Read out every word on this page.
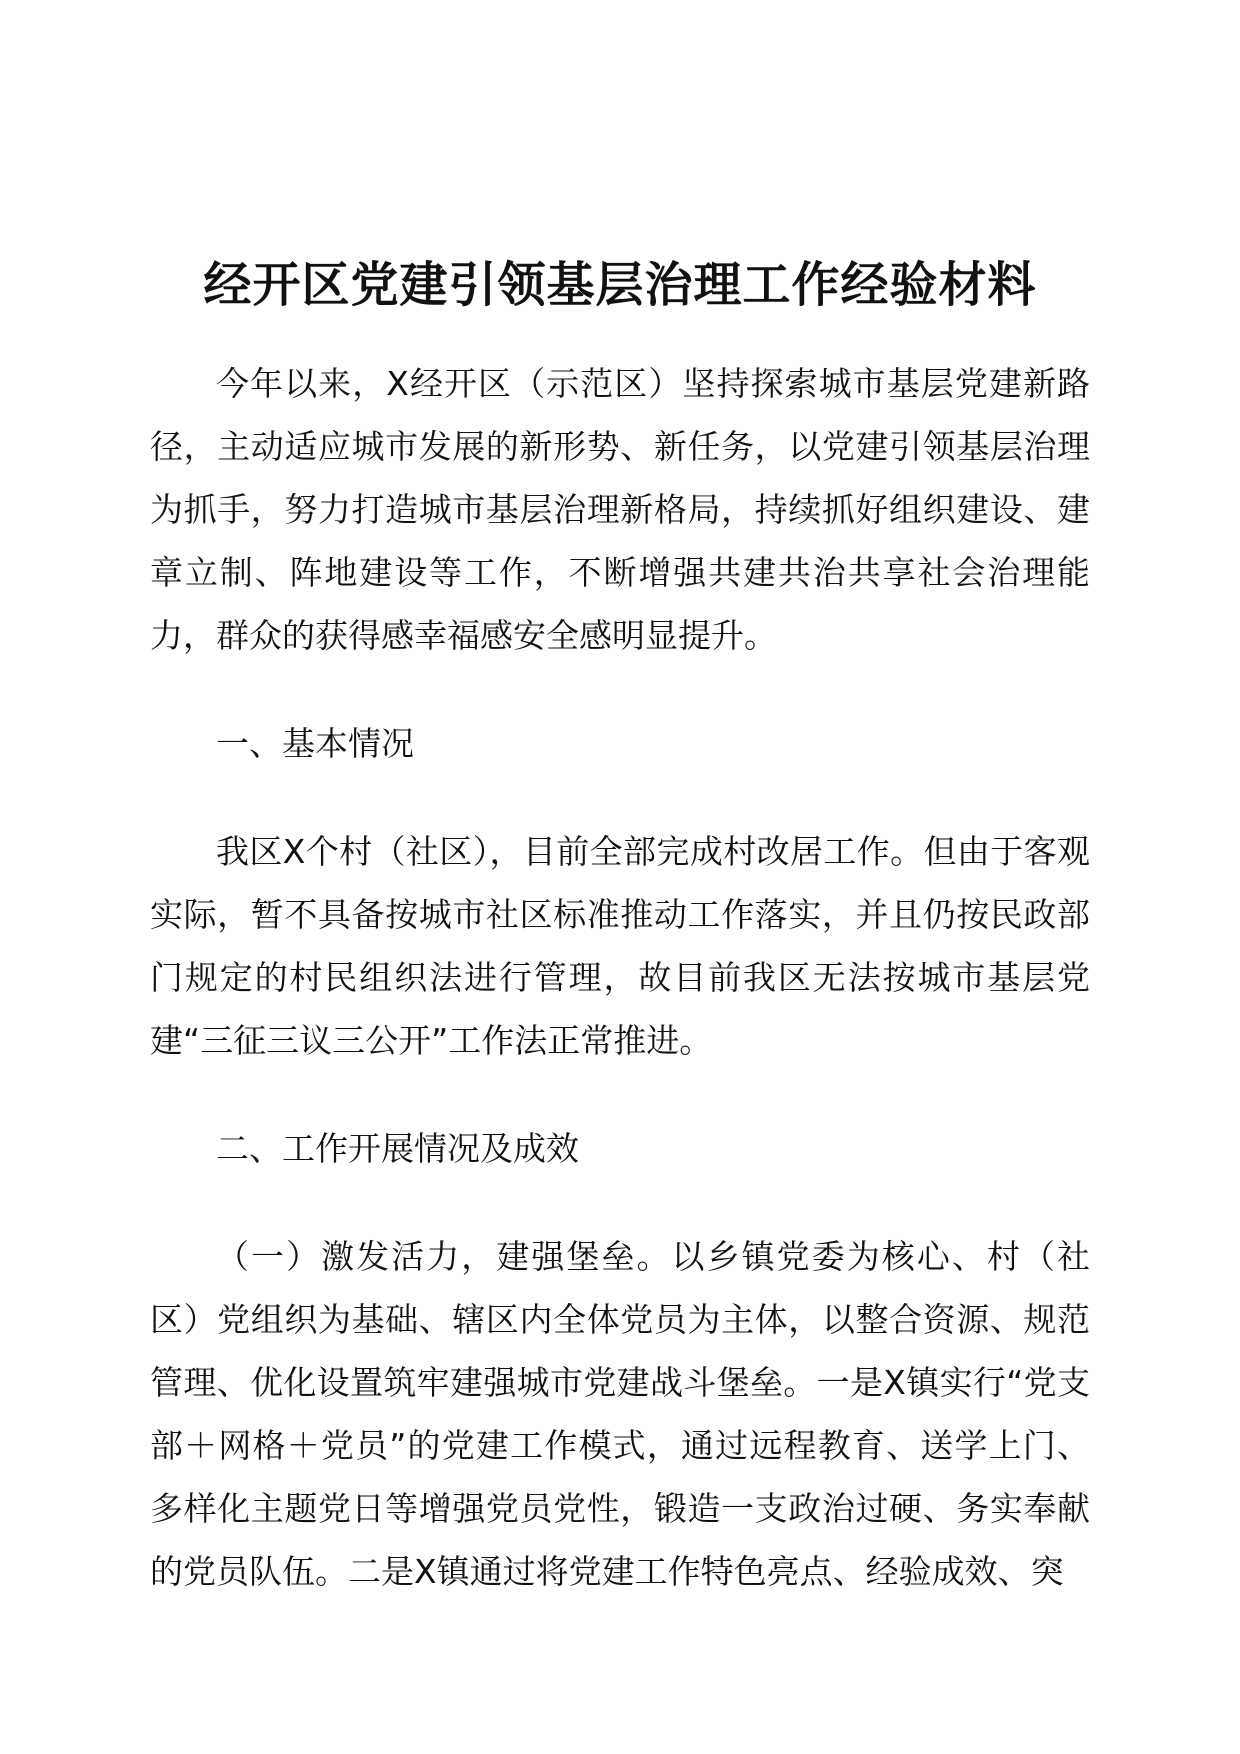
经开区党建引领基层治理工作经验材料

今年以来，X经开区（示范区）坚持探索城市基层党建新路径，主动适应城市发展的新形势、新任务，以党建引领基层治理为抓手，努力打造城市基层治理新格局，持续抓好组织建设、建章立制、阵地建设等工作，不断增强共建共治共享社会治理能力，群众的获得感幸福感安全感明显提升。

一、基本情况

我区X个村（社区），目前全部完成村改居工作。但由于客观实际，暂不具备按城市社区标准推动工作落实，并且仍按民政部门规定的村民组织法进行管理，故目前我区无法按城市基层党建“三征三议三公开”工作法正常推进。

二、工作开展情况及成效

（一）激发活力，建强堡垒。以乡镇党委为核心、村（社区）党组织为基础、辖区内全体党员为主体，以整合资源、规范管理、优化设置筑牢建强城市党建战斗堡垒。一是X镇实行“党支部＋网格＋党员”的党建工作模式，通过远程教育、送学上门、多样化主题党日等增强党员党性，锻造一支政治过硬、务实奉献的党员队伍。二是X镇通过将党建工作特色亮点、经验成效、突
